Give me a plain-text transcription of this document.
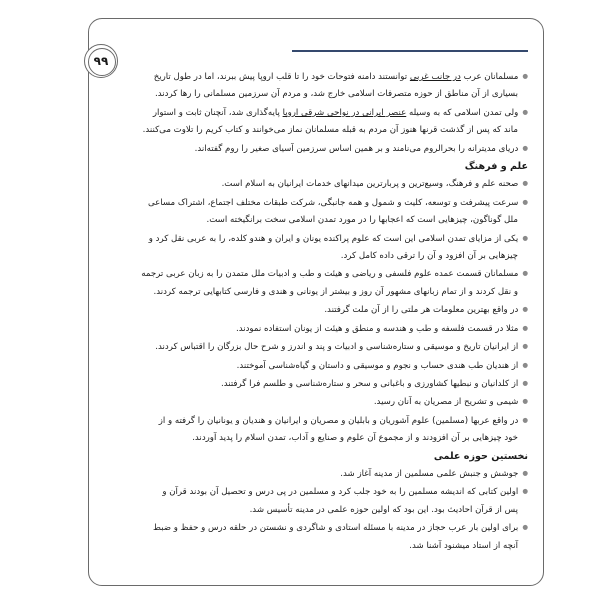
۹۹

● مسلمانان عرب در جانب غربی توانستند دامنه فتوحات خود را تا قلب اروپا پیش ببرند، اما در طول تاریخ

بسیاری از آن مناطق از حوزه متصرفات اسلامی خارج شد، و مردم آن سرزمین مسلمانی را رها کردند.

● ولی تمدن اسلامی که به وسیله عنصر ایرانی در نواحی شرقی اروپا پایه‌گذاری شد، آنچنان ثابت و استوار

ماند که پس از گذشت قرنها هنوز آن مردم به قبله مسلمانان نماز می‌خوانند و کتاب کریم را تلاوت می‌کنند.

● دریای مدیترانه را بحرالروم می‌نامند و بر همین اساس سرزمین آسیای صغیر را روم گفته‌اند.

علم و فرهنگ

● صحنه علم و فرهنگ، وسیع‌ترین و پربارترین میدانهای خدمات ایرانیان به اسلام است.

● سرعت پیشرفت و توسعه، کلیت و شمول و همه جانبگی، شرکت طبقات مختلف اجتماع، اشتراک مساعی

ملل گوناگون، چیزهایی است که اعجابها را در مورد تمدن اسلامی سخت برانگیخته است.

● یکی از مزایای تمدن اسلامی این است که علوم پراکنده یونان و ایران و هندو کلده، را به عربی نقل کرد و

چیزهایی بر آن افزود و آن را ترقی داده کامل کرد.

● مسلمانان قسمت عمده علوم فلسفی و ریاضی و هیئت و طب و ادبیات ملل متمدن را به زبان عربی ترجمه

و نقل کردند و از تمام زبانهای مشهور آن روز و بیشتر از یونانی و هندی و فارسی کتابهایی ترجمه کردند.

● در واقع بهترین معلومات هر ملتی را از آن ملت گرفتند.

● مثلا در قسمت فلسفه و طب و هندسه و منطق و هیئت از یونان استفاده نمودند.

● از ایرانیان تاریخ و موسیقی و ستاره‌شناسی و ادبیات و پند و اندرز و شرح حال بزرگان را اقتباس کردند.

● از هندیان طب هندی حساب و نجوم و موسیقی و داستان و گیاه‌شناسی آموختند.

● از کلدانیان و نبطیها کشاورزی و باغبانی و سحر و ستاره‌شناسی و طلسم فرا گرفتند.

● شیمی و تشریح از مصریان به آنان رسید.

● در واقع عربها (مسلمین) علوم آشوریان و بابلیان و مصریان و ایرانیان و هندیان و یونانیان را گرفته و از

خود چیزهایی بر آن افزودند و از مجموع آن علوم و صنایع و آداب، تمدن اسلام را پدید آوردند.

نخستین حوزه علمی

● جوشش و جنبش علمی مسلمین از مدینه آغاز شد.

● اولین کتابی که اندیشه مسلمین را به خود جلب کرد و مسلمین در پی درس و تحصیل آن بودند قرآن و

پس از قرآن احادیث بود. این بود که اولین حوزه علمی در مدینه تأسیس شد.

● برای اولین بار عرب حجاز در مدینه با مسئله استادی و شاگردی و نشستن در حلقه درس و حفظ و ضبط

آنچه از استاد میشنود آشنا شد.
